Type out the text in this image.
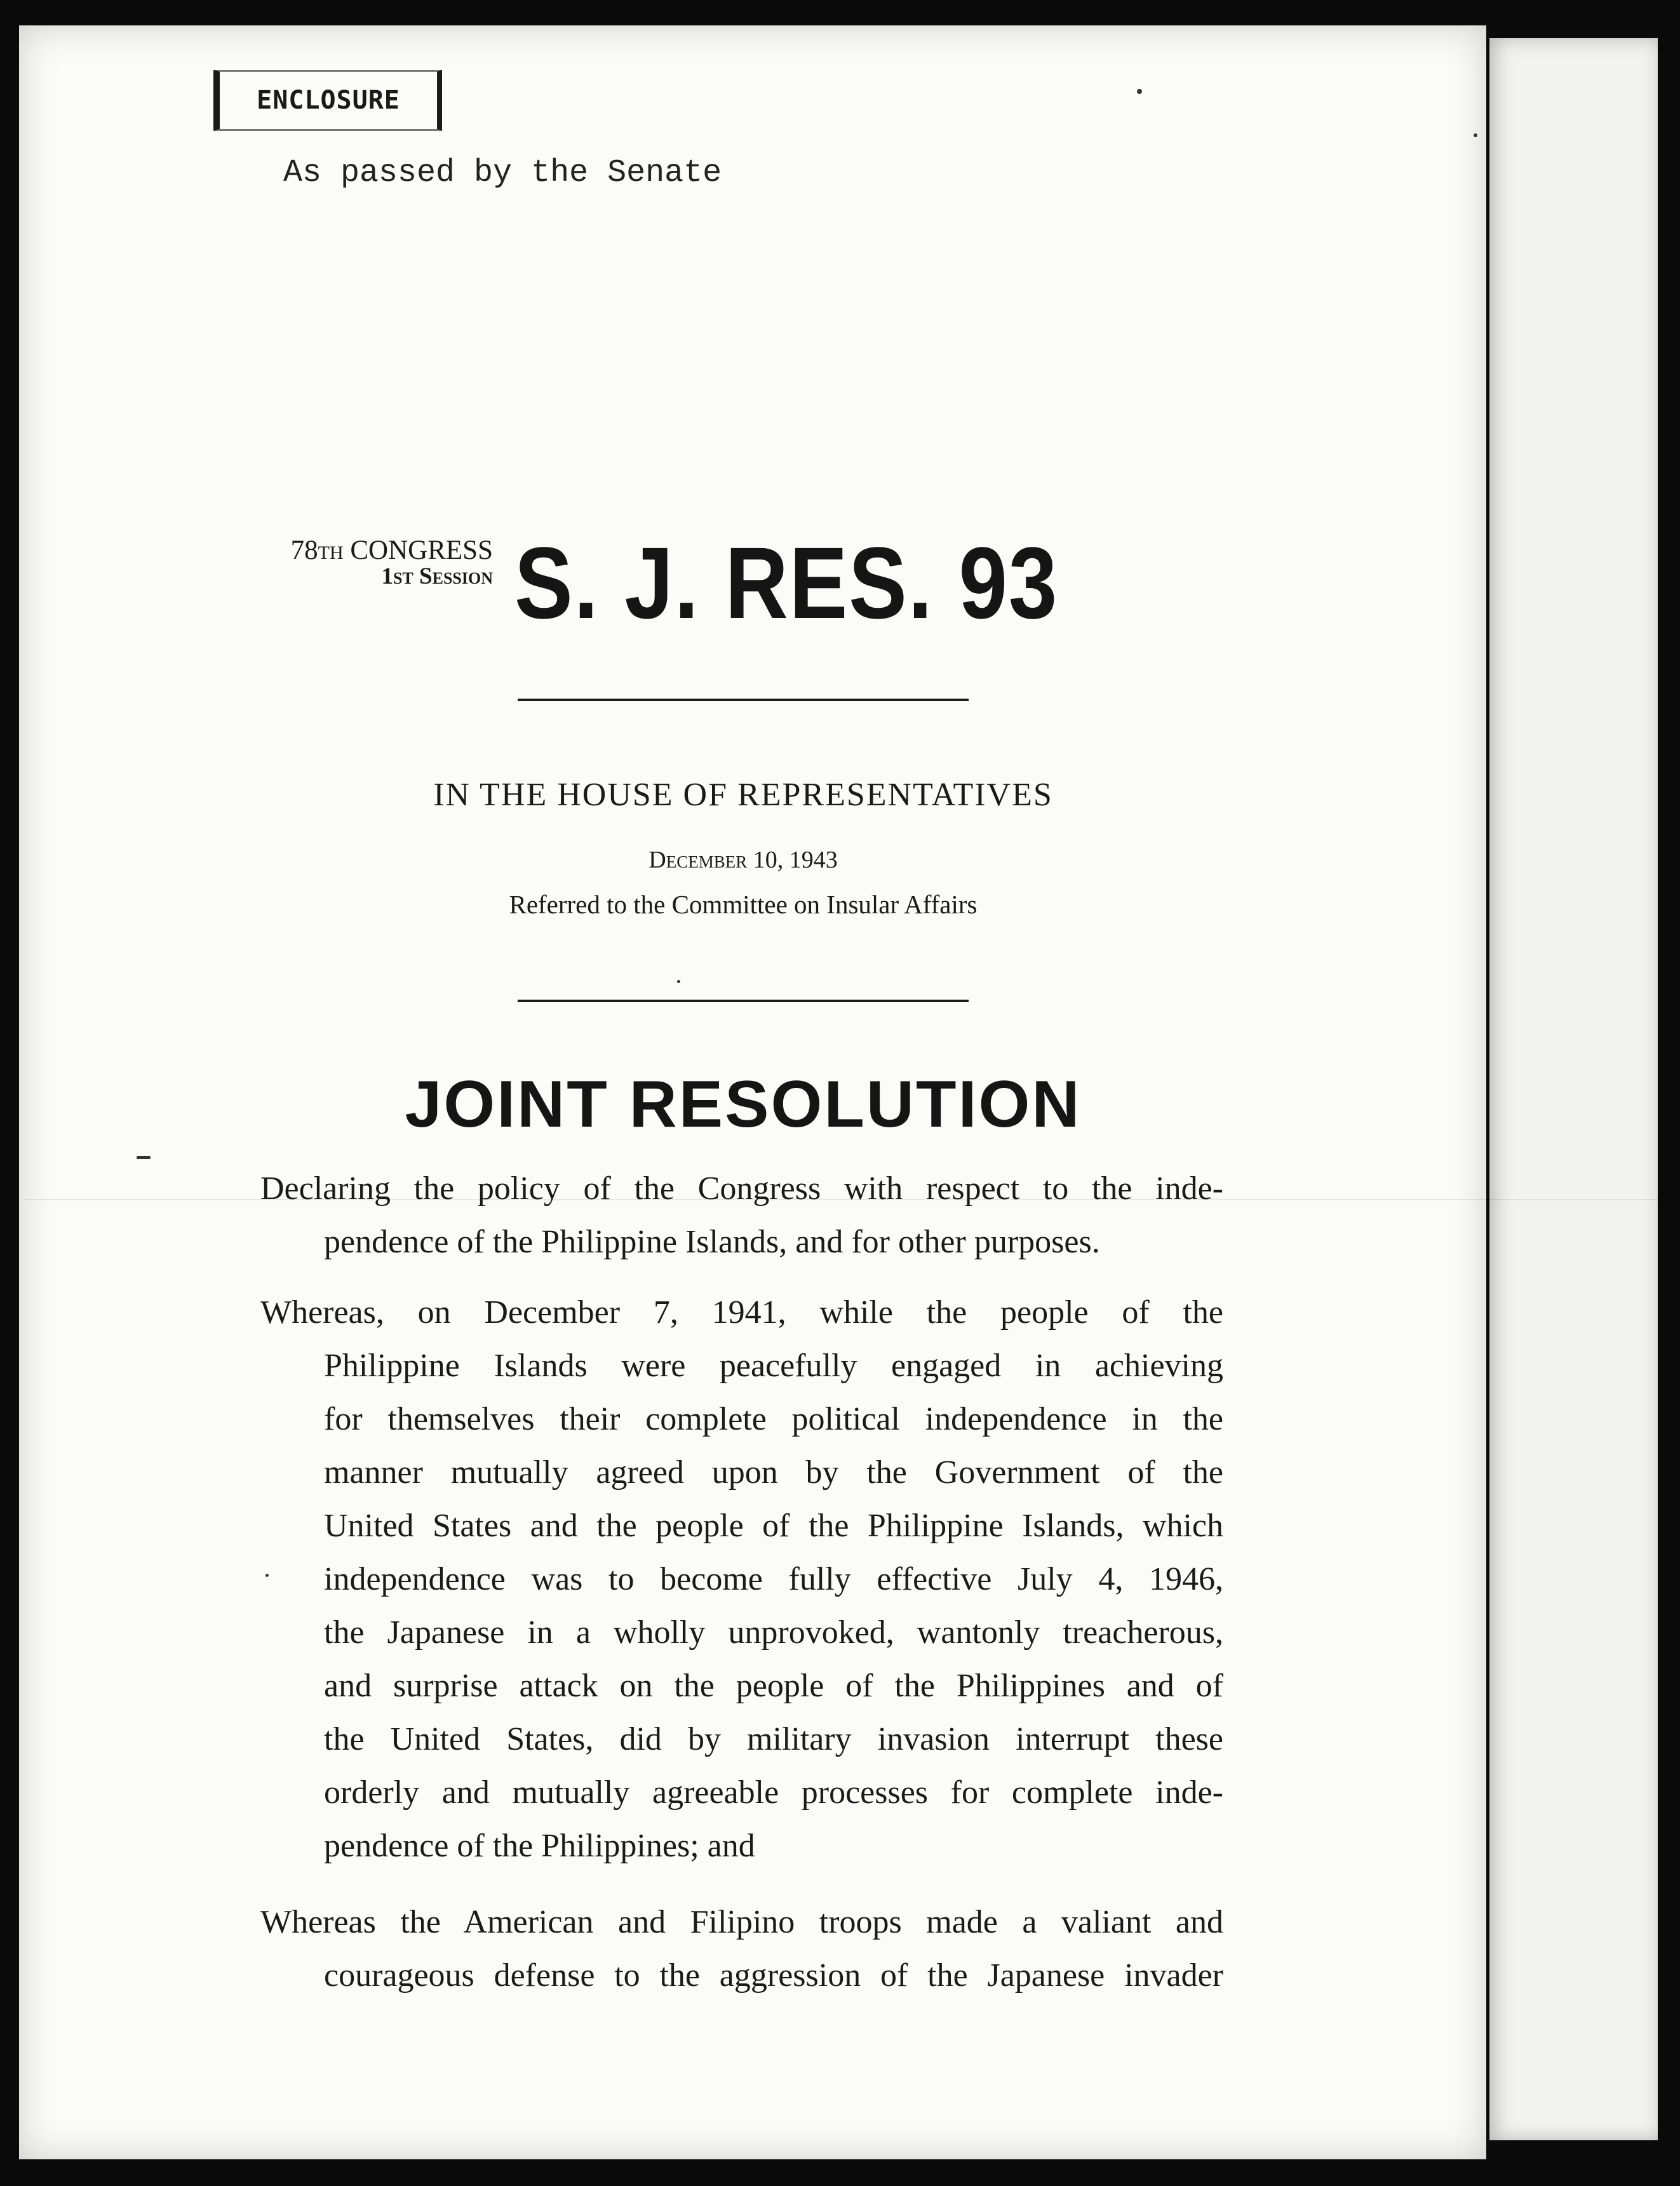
ENCLOSURE
As passed by the Senate
78th CONGRESS
1st Session S. J. RES. 93
IN THE HOUSE OF REPRESENTATIVES
December 10, 1943
Referred to the Committee on Insular Affairs
JOINT RESOLUTION
Declaring the policy of the Congress with respect to the inde-
pendence of the Philippine Islands, and for other purposes.
Whereas, on December 7, 1941, while the people of the
Philippine Islands were peacefully engaged in achieving
for themselves their complete political independence in the
manner mutually agreed upon by the Government of the
United States and the people of the Philippine Islands, which
independence was to become fully effective July 4, 1946,
the Japanese in a wholly unprovoked, wantonly treacherous,
and surprise attack on the people of the Philippines and of
the United States, did by military invasion interrupt these
orderly and mutually agreeable processes for complete inde-
pendence of the Philippines; and
Whereas the American and Filipino troops made a valiant and
courageous defense to the aggression of the Japanese invader
